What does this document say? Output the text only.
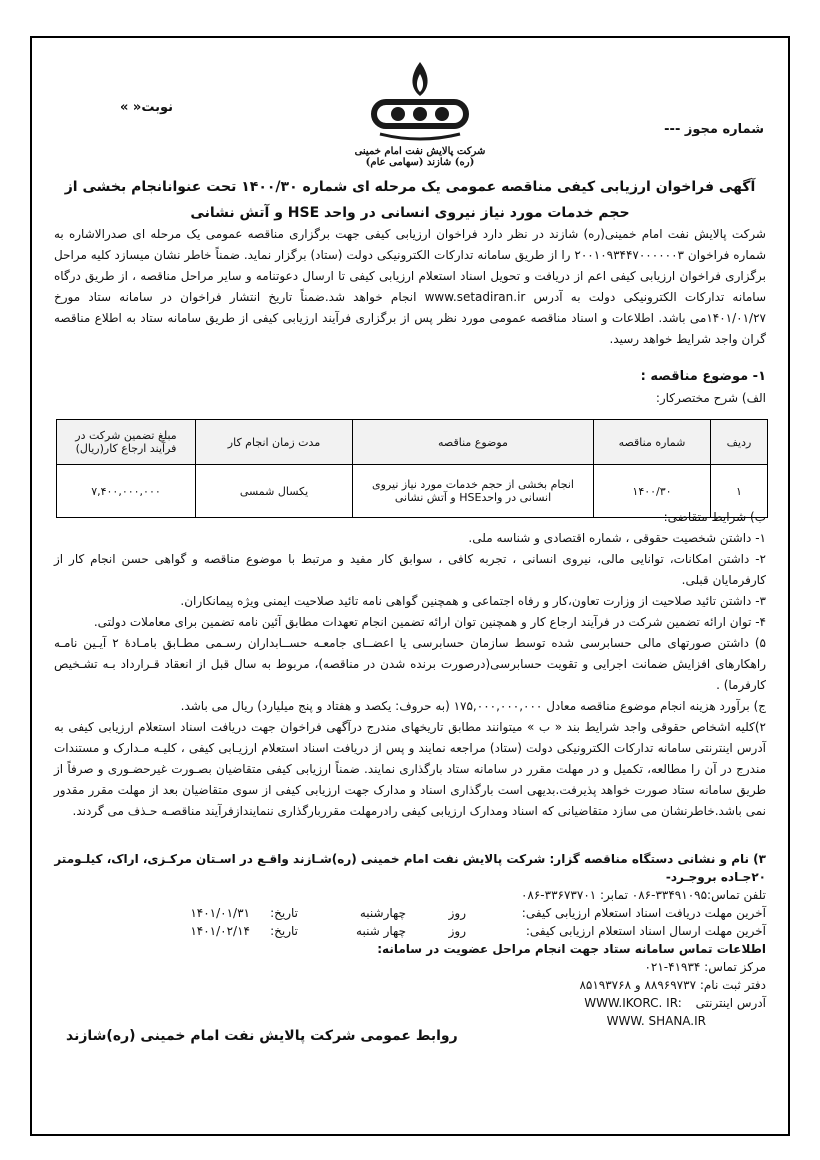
شماره مجوز ---
نوبت« »
شرکت پالایش نفت امام خمینی (ره) شازند (سهامی عام)
آگهی فراخوان ارزیابی کیفی مناقصه عمومی یک مرحله ای شماره ۱۴۰۰/۳۰ تحت عنوانانجام بخشی از حجم خدمات مورد نیاز نیروی انسانی در واحد HSE و آتش نشانی
شرکت پالایش نفت امام خمینی(ره) شازند در نظر دارد فراخوان ارزیابی کیفی جهت برگزاری مناقصه عمومی یک مرحله ای صدرالاشاره به شماره فراخوان ۲۰۰۱۰۹۳۴۴۷۰۰۰۰۰۰۳ را از طریق سامانه تدارکات الکترونیکی دولت (ستاد) برگزار نماید. ضمناً خاطر نشان میسازد کلیه مراحل برگزاری فراخوان ارزیابی کیفی اعم از دریافت و تحویل اسناد استعلام ارزیابی کیفی تا ارسال دعوتنامه و سایر مراحل مناقصه ، از طریق درگاه سامانه تدارکات الکترونیکی دولت به آدرس www.setadiran.ir انجام خواهد شد.ضمناً تاریخ انتشار فراخوان در سامانه ستاد مورخ ۱۴۰۱/۰۱/۲۷می باشد. اطلاعات و اسناد مناقصه عمومی مورد نظر پس از برگزاری فرآیند ارزیابی کیفی از طریق سامانه ستاد به اطلاع مناقصه گران واجد شرایط خواهد رسید.
۱- موضوع مناقصه :
الف) شرح مختصرکار:
ردیف	شماره مناقصه	موضوع مناقصه	مدت زمان انجام کار	مبلغ تضمین شرکت در فرآیند ارجاع کار(ریال)
۱	۱۴۰۰/۳۰	انجام بخشی از حجم خدمات مورد نیاز نیروی انسانی در واحدHSE و آتش نشانی	یکسال شمسی	۷,۴۰۰,۰۰۰,۰۰۰

ب) شرایط متقاضی:

۱- داشتن شخصیت حقوقی ، شماره اقتصادی و شناسه ملی.

۲- داشتن امکانات، توانایی مالی، نیروی انسانی ، تجربه کافی ، سوابق کار مفید و مرتبط با موضوع مناقصه و گواهی حسن انجام کار از کارفرمایان قبلی.

۳- داشتن تائید صلاحیت از وزارت تعاون،کار و رفاه اجتماعی و همچنین گواهی نامه تائید صلاحیت ایمنی ویژه پیمانکاران.

۴- توان ارائه تضمین شرکت در فرآیند ارجاع کار و همچنین توان ارائه تضمین انجام تعهدات مطابق آئین نامه تضمین برای معاملات دولتی.

۵) داشتن صورتهای مالی حسابرسی شده توسط سازمان حسابرسی یا اعضــای جامعـه حســابداران رسـمی مطـابق بامـادهٔ ۲ آیـین نامـه راهکارهای افزایش ضمانت اجرایی و تقویت حسابرسی(درصورت برنده شدن در مناقصه)، مربوط به سال قبل از انعقاد قـرارداد بـه تشـخیص کارفرما) .

ج) برآورد هزینه انجام موضوع مناقصه معادل ۱۷۵,۰۰۰,۰۰۰,۰۰۰ (به حروف: یکصد و هفتاد و پنج میلیارد) ریال می باشد.

۲)کلیه اشخاص حقوقی واجد شرایط بند « ب » میتوانند مطابق تاریخهای مندرج درآگهی فراخوان جهت دریافت اسناد استعلام ارزیابی کیفی به آدرس اینترنتی سامانه تدارکات الکترونیکی دولت (ستاد) مراجعه نمایند و پس از دریافت اسناد استعلام ارزیـابی کیفی ، کلیـه مـدارک و مستندات مندرج در آن را مطالعه، تکمیل و در مهلت مقرر در سامانه ستاد بارگذاری نمایند. ضمناً ارزیابی کیفی متقاضیان بصـورت غیرحضـوری و صرفاً از طریق سامانه ستاد صورت خواهد پذیرفت.بدیهی است بارگذاری اسناد و مدارک جهت ارزیابی کیفی از سوی متقاضیان بعد از مهلت مقرر مقدور نمی باشد.خاطرنشان می سازد متقاضیانی که اسناد ومدارک ارزیابی کیفی رادرمهلت مقرربارگذاری ننمایندازفرآیند مناقصـه حـذف می گردند.

۳) نام و نشانی دستگاه مناقصه گزار: شرکت پالایش نفت امام خمینی (ره)شـازند واقـع در اسـتان مرکـزی، اراک، کیلـومتر ۲۰جـاده بروجـرد-
تلفن تماس:۳۳۴۹۱۰۹۵-۰۸۶ تمابر: ۳۳۶۷۳۷۰۱-۰۸۶
آخرین مهلت دریافت اسناد استعلام ارزیابی کیفی:
روز
چهارشنبه
تاریخ:
۱۴۰۱/۰۱/۳۱
آخرین مهلت ارسال اسناد استعلام ارزیابی کیفی:
روز
چهار شنبه
تاریخ:
۱۴۰۱/۰۲/۱۴
اطلاعات تماس سامانه ستاد جهت انجام مراحل عضویت در سامانه:
مرکز تماس: ۴۱۹۳۴-۰۲۱
دفتر ثبت نام: ۸۸۹۶۹۷۳۷ و ۸۵۱۹۳۷۶۸
آدرس اینترنتی WWW.IKORC. IR:
WWW. SHANA.IR
روابط عمومی شرکت پالایش نفت امام خمینی (ره)شازند
